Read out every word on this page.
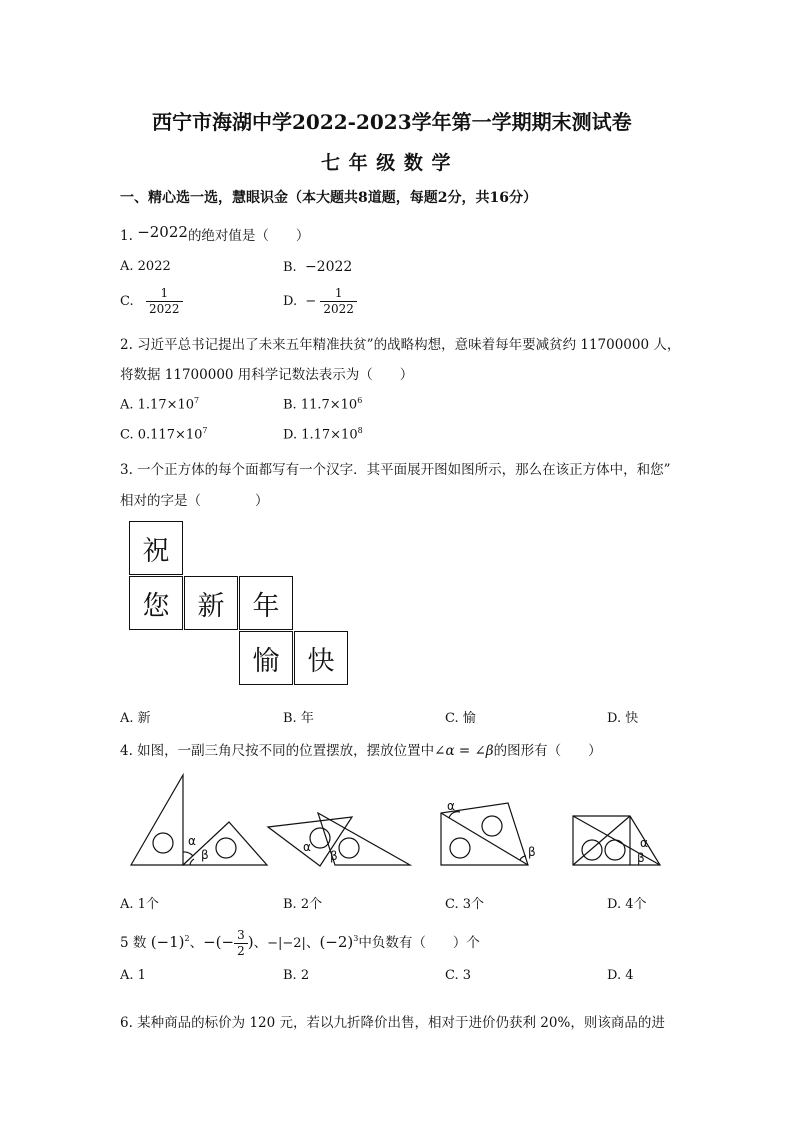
西宁市海湖中学2022-2023学年第一学期期末测试卷
七 年 级 数 学
一、精心选一选，慧眼识金（本大题共8道题，每题2分，共16分）
1. −2022的绝对值是（　　）
A. 2022	B. −2022
C. $\frac{1}{2022}$	D. − $\frac{1}{2022}$
2. 习近平总书记提出了未来五年精准扶贫”的战略构想，意味着每年要减贫约 11700000 人，
将数据 11700000 用科学记数法表示为（　　）
A. $1.17\times 10^7$	B. $11.7\times 10^6$
C. $0.117\times 10^7$	D. $1.17\times 10^8$
3. 一个正方体的每个面都写有一个汉字．其平面展开图如图所示，那么在该正方体中，和您”
相对的字是（　　　　）
祝
您	新	年
愉	快
A. 新	B. 年	C. 愉	D. 快
4. 如图，一副三角尺按不同的位置摆放，摆放位置中∠α = ∠β的图形有（　　）
α
β
α
β
α
β
α
β
A. 1个	B. 2个	C. 3个	D. 4个
5 数 $(-1)^2$、−(− $\frac{3}{2}$ )、−|−2|、$(-2)^3$中负数有（　　）个
A. 1	B. 2	C. 3	D. 4
6. 某种商品的标价为 120 元，若以九折降价出售，相对于进价仍获利 20%，则该商品的进
